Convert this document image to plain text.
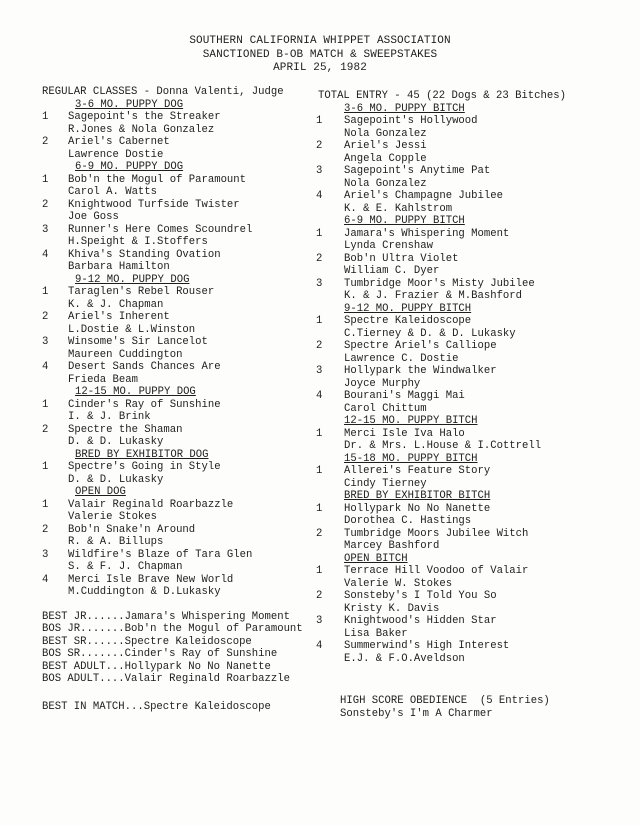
SOUTHERN CALIFORNIA WHIPPET ASSOCIATION
SANCTIONED B-OB MATCH & SWEEPSTAKES
APRIL 25, 1982
REGULAR CLASSES - Donna Valenti, Judge
3-6 MO. PUPPY DOG
1 Sagepoint's the Streaker
R.Jones & Nola Gonzalez
2 Ariel's Cabernet
Lawrence Dostie
6-9 MO. PUPPY DOG
1 Bob'n the Mogul of Paramount
Carol A. Watts
2 Knightwood Turfside Twister
Joe Goss
3 Runner's Here Comes Scoundrel
H.Speight & I.Stoffers
4 Khiva's Standing Ovation
Barbara Hamilton
9-12 MO. PUPPY DOG
1 Taraglen's Rebel Rouser
K. & J. Chapman
2 Ariel's Inherent
L.Dostie & L.Winston
3 Winsome's Sir Lancelot
Maureen Cuddington
4 Desert Sands Chances Are
Frieda Beam
12-15 MO. PUPPY DOG
1 Cinder's Ray of Sunshine
I. & J. Brink
2 Spectre the Shaman
D. & D. Lukasky
BRED BY EXHIBITOR DOG
1 Spectre's Going in Style
D. & D. Lukasky
OPEN DOG
1 Valair Reginald Roarbazzle
Valerie Stokes
2 Bob'n Snake'n Around
R. & A. Billups
3 Wildfire's Blaze of Tara Glen
S. & F. J. Chapman
4 Merci Isle Brave New World
M.Cuddington & D.Lukasky
BEST JR......Jamara's Whispering Moment
BOS JR.......Bob'n the Mogul of Paramount
BEST SR......Spectre Kaleidoscope
BOS SR.......Cinder's Ray of Sunshine
BEST ADULT...Hollypark No No Nanette
BOS ADULT....Valair Reginald Roarbazzle
BEST IN MATCH...Spectre Kaleidoscope
TOTAL ENTRY - 45 (22 Dogs & 23 Bitches)
3-6 MO. PUPPY BITCH
1 Sagepoint's Hollywood
Nola Gonzalez
2 Ariel's Jessi
Angela Copple
3 Sagepoint's Anytime Pat
Nola Gonzalez
4 Ariel's Champagne Jubilee
K. & E. Kahlstrom
6-9 MO. PUPPY BITCH
1 Jamara's Whispering Moment
Lynda Crenshaw
2 Bob'n Ultra Violet
William C. Dyer
3 Tumbridge Moor's Misty Jubilee
K. & J. Frazier & M.Bashford
9-12 MO. PUPPY BITCH
1 Spectre Kaleidoscope
C.Tierney & D. & D. Lukasky
2 Spectre Ariel's Calliope
Lawrence C. Dostie
3 Hollypark the Windwalker
Joyce Murphy
4 Bourani's Maggi Mai
Carol Chittum
12-15 MO. PUPPY BITCH
1 Merci Isle Iva Halo
Dr. & Mrs. L.House & I.Cottrell
15-18 MO. PUPPY BITCH
1 Allerei's Feature Story
Cindy Tierney
BRED BY EXHIBITOR BITCH
1 Hollypark No No Nanette
Dorothea C. Hastings
2 Tumbridge Moors Jubilee Witch
Marcey Bashford
OPEN BITCH
1 Terrace Hill Voodoo of Valair
Valerie W. Stokes
2 Sonsteby's I Told You So
Kristy K. Davis
3 Knightwood's Hidden Star
Lisa Baker
4 Summerwind's High Interest
E.J. & F.O.Aveldson
HIGH SCORE OBEDIENCE  (5 Entries)
Sonsteby's I'm A Charmer
